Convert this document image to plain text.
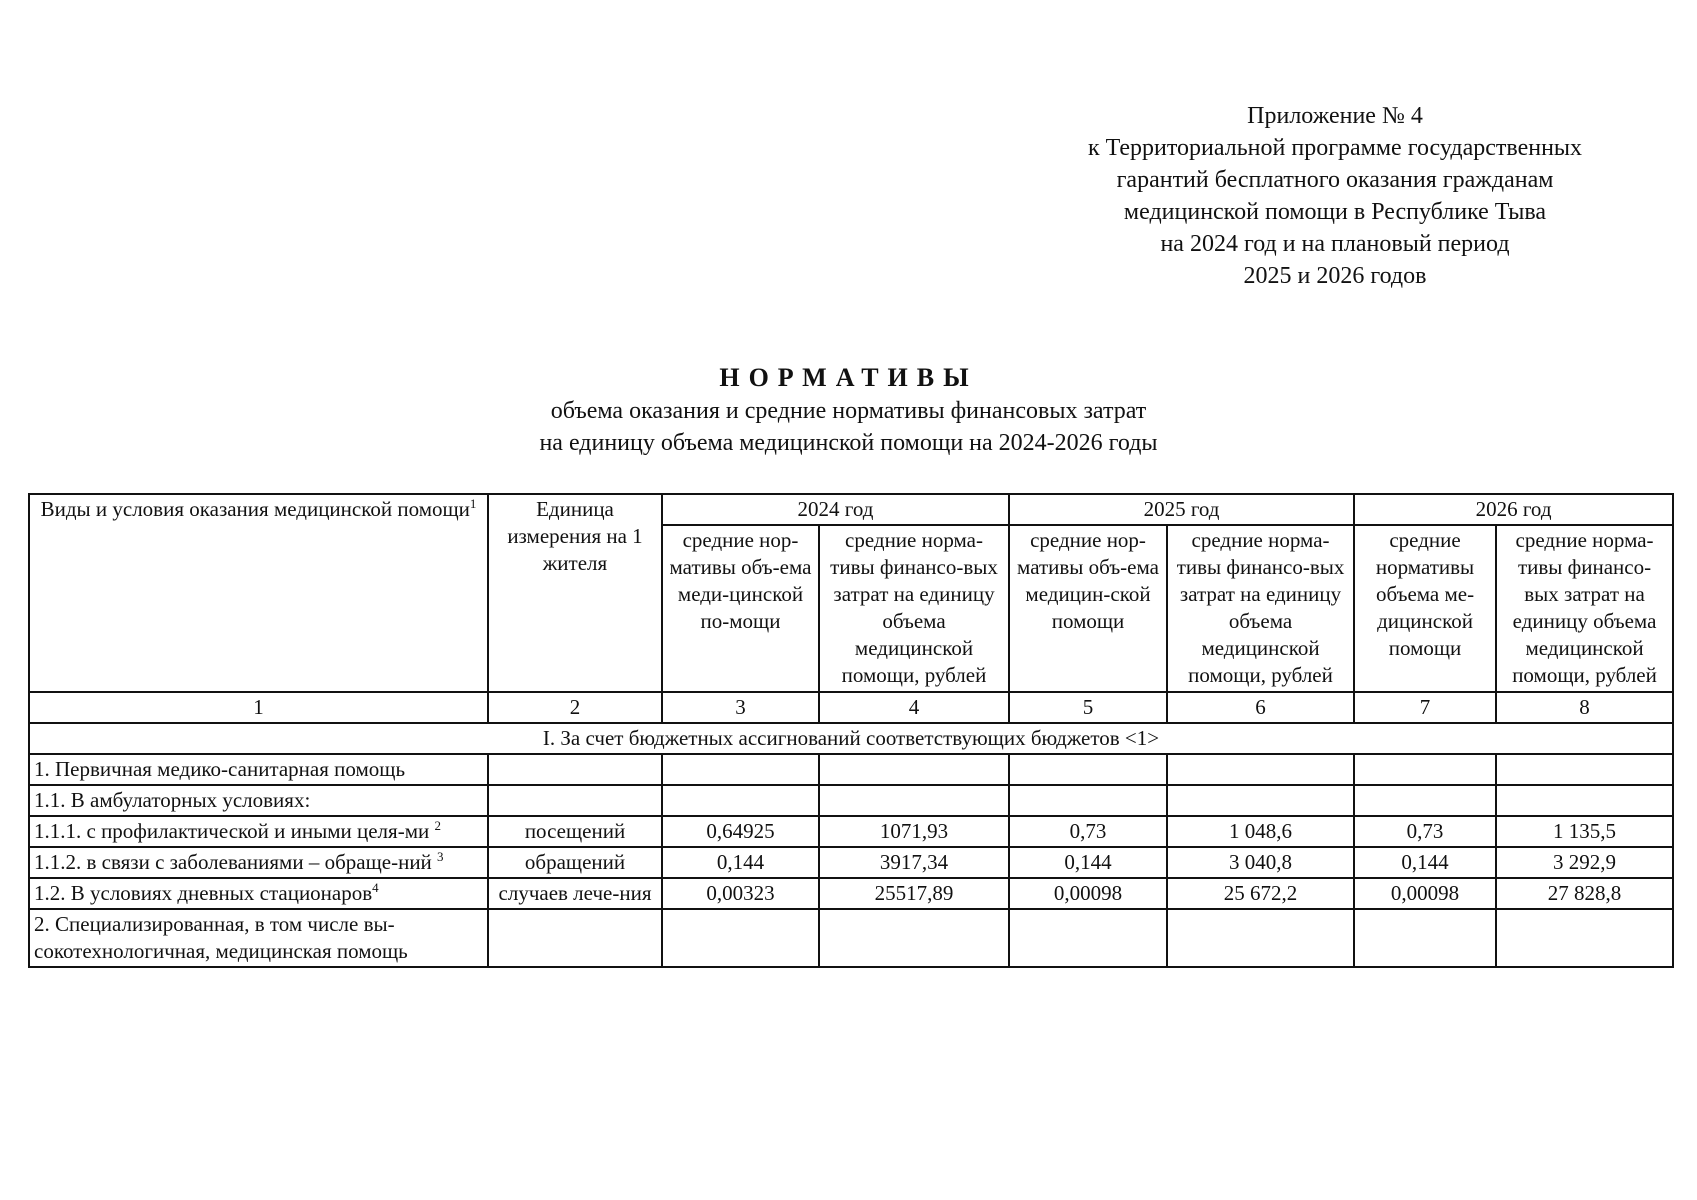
Приложение № 4
к Территориальной программе государственных
гарантий бесплатного оказания гражданам
медицинской помощи в Республике Тыва
на 2024 год и на плановый период
2025 и 2026 годов
НОРМАТИВЫ
объема оказания и средние нормативы финансовых затрат
на единицу объема медицинской помощи на 2024-2026 годы
Виды и условия оказания медицинской помощи$^1$	Единица измерения на 1 жителя	2024 год		2025 год		2026 год	
		средние нор-мативы объ-ема меди-цинской по-мощи	средние норма-тивы финансо-вых затрат на единицу объема медицинской помощи, рублей	средние нор-мативы объ-ема медицин-ской помощи	средние норма-тивы финансо-вых затрат на единицу объема медицинской помощи, рублей	средние нормативы объема ме-дицинской помощи	средние норма-тивы финансо-вых затрат на единицу объема медицинской помощи, рублей
1	2	3	4	5	6	7	8
I. За счет бюджетных ассигнований соответствующих бюджетов <1>							
1. Первичная медико-санитарная помощь							
1.1. В амбулаторных условиях:							
1.1.1. с профилактической и иными целя-ми $^2$	посещений	0,64925	1071,93	0,73	1 048,6	0,73	1 135,5
1.1.2. в связи с заболеваниями – обраще-ний $^3$	обращений	0,144	3917,34	0,144	3 040,8	0,144	3 292,9
1.2. В условиях дневных стационаров$^4$	случаев лече-ния	0,00323	25517,89	0,00098	25 672,2	0,00098	27 828,8
2. Специализированная, в том числе вы-сокотехнологичная, медицинская помощь							
